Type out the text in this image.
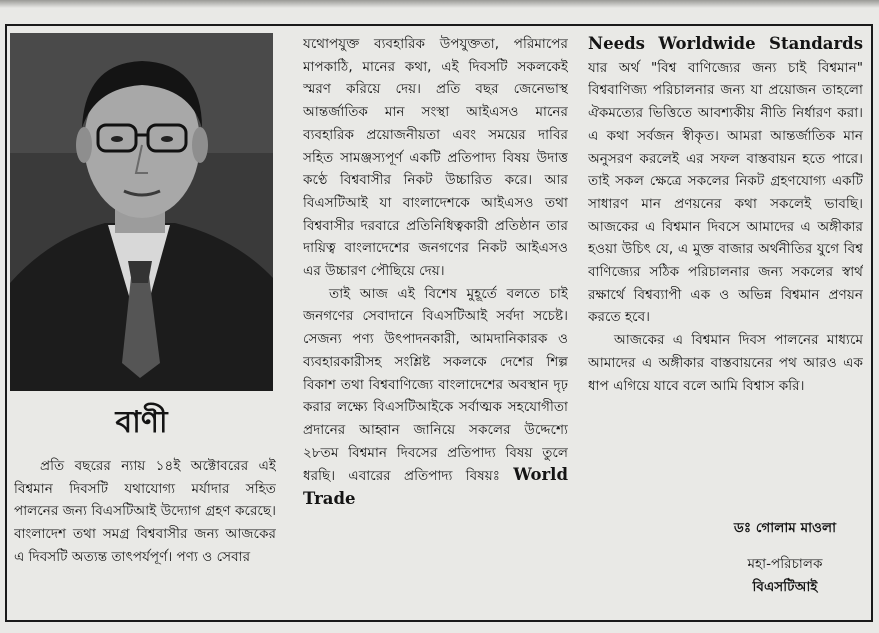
বাণী

প্রতি বছরের ন্যায় ১৪ই অক্টোবরের এই বিশ্বমান দিবসটি যথাযোগ্য মর্যাদার সহিত পালনের জন্য বিএসটিআই উদ্যোগ গ্রহণ করেছে। বাংলাদেশ তথা সমগ্র বিশ্ববাসীর জন্য আজকের এ দিবসটি অত্যন্ত তাৎপর্যপূর্ণ। পণ্য ও সেবার

যথোপযুক্ত ব্যবহারিক উপযুক্ততা, পরিমাপের মাপকাঠি, মানের কথা, এই দিবসটি সকলকেই স্মরণ করিয়ে দেয়। প্রতি বছর জেনেভাস্থ আন্তর্জাতিক মান সংস্থা আইএসও মানের ব্যবহারিক প্রয়োজনীয়তা এবং সময়ের দাবির সহিত সামঞ্জস্যপূর্ণ একটি প্রতিপাদ্য বিষয় উদাত্ত কণ্ঠে বিশ্ববাসীর নিকট উচ্চারিত করে। আর বিএসটিআই যা বাংলাদেশকে আইএসও তথা বিশ্ববাসীর দরবারে প্রতিনিধিত্বকারী প্রতিষ্ঠান তার দায়িত্ব বাংলাদেশের জনগণের নিকট আইএসও এর উচ্চারণ পৌছিয়ে দেয়।

তাই আজ এই বিশেষ মুহূর্তে বলতে চাই জনগণের সেবাদানে বিএসটিআই সর্বদা সচেষ্ট। সেজন্য পণ্য উৎপাদনকারী, আমদানিকারক ও ব্যবহারকারীসহ সংশ্লিষ্ট সকলকে দেশের শিল্প বিকাশ তথা বিশ্ববাণিজ্যে বাংলাদেশের অবস্থান দৃঢ় করার লক্ষ্যে বিএসটিআইকে সর্বাত্মক সহযোগীতা প্রদানের আহ্বান জানিয়ে সকলের উদ্দেশ্যে ২৮তম বিশ্বমান দিবসের প্রতিপাদ্য বিষয় তুলে ধরছি। এবারের প্রতিপাদ্য বিষয়ঃ World Trade

Needs Worldwide Standards যার অর্থ "বিশ্ব বাণিজ্যের জন্য চাই বিশ্বমান" বিশ্ববাণিজ্য পরিচালনার জন্য যা প্রয়োজন তাহলো ঐকমত্যের ভিত্তিতে আবশ্যকীয় নীতি নির্ধারণ করা। এ কথা সর্বজন স্বীকৃত। আমরা আন্তর্জাতিক মান অনুসরণ করলেই এর সফল বাস্তবায়ন হতে পারে। তাই সকল ক্ষেত্রে সকলের নিকট গ্রহণযোগ্য একটি সাধারণ মান প্রণয়নের কথা সকলেই ভাবছি। আজকের এ বিশ্বমান দিবসে আমাদের এ অঙ্গীকার হওয়া উচিৎ যে, এ মুক্ত বাজার অর্থনীতির যুগে বিশ্ব বাণিজ্যের সঠিক পরিচালনার জন্য সকলের স্বার্থ রক্ষার্থে বিশ্বব্যাপী এক ও অভিন্ন বিশ্বমান প্রণয়ন করতে হবে।

আজকের এ বিশ্বমান দিবস পালনের মাধ্যমে আমাদের এ অঙ্গীকার বাস্তবায়নের পথ আরও এক ধাপ এগিয়ে যাবে বলে আমি বিশ্বাস করি।

ডঃ গোলাম মাওলা
মহা-পরিচালক
বিএসটিআই
